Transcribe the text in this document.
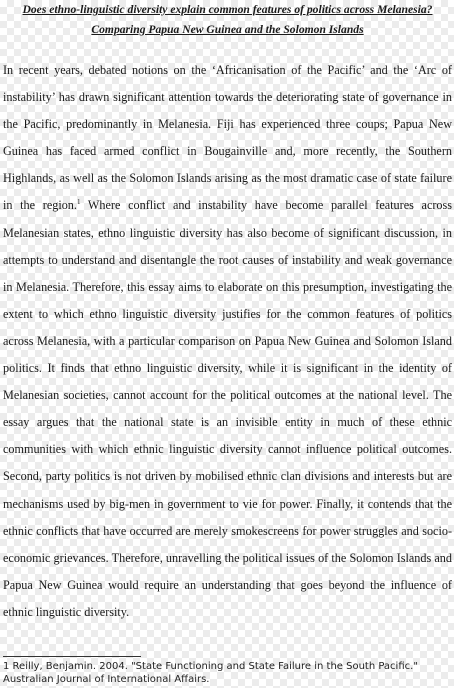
Does ethno-linguistic diversity explain common features of politics across Melanesia?

Comparing Papua New Guinea and the Solomon Islands

In recent years, debated notions on the ‘Africanisation of the Pacific’ and the ‘Arc of instability’ has drawn significant attention towards the deteriorating state of governance in the Pacific, predominantly in Melanesia. Fiji has experienced three coups; Papua New Guinea has faced armed conflict in Bougainville and, more recently, the Southern Highlands, as well as the Solomon Islands arising as the most dramatic case of state failure in the region.$^1$ Where conflict and instability have become parallel features across Melanesian states, ethno linguistic diversity has also become of significant discussion, in attempts to understand and disentangle the root causes of instability and weak governance in Melanesia. Therefore, this essay aims to elaborate on this presumption, investigating the extent to which ethno linguistic diversity justifies for the common features of politics across Melanesia, with a particular comparison on Papua New Guinea and Solomon Island politics. It finds that ethno linguistic diversity, while it is significant in the identity of Melanesian societies, cannot account for the political outcomes at the national level. The essay argues that the national state is an invisible entity in much of these ethnic communities with which ethnic linguistic diversity cannot influence political outcomes. Second, party politics is not driven by mobilised ethnic clan divisions and interests but are mechanisms used by big-men in government to vie for power. Finally, it contends that the ethnic conflicts that have occurred are merely smokescreens for power struggles and socio-economic grievances. Therefore, unravelling the political issues of the Solomon Islands and Papua New Guinea would require an understanding that goes beyond the influence of ethnic linguistic diversity.

1 Reilly, Benjamin. 2004. "State Functioning and State Failure in the South Pacific." Australian Journal of International Affairs.
